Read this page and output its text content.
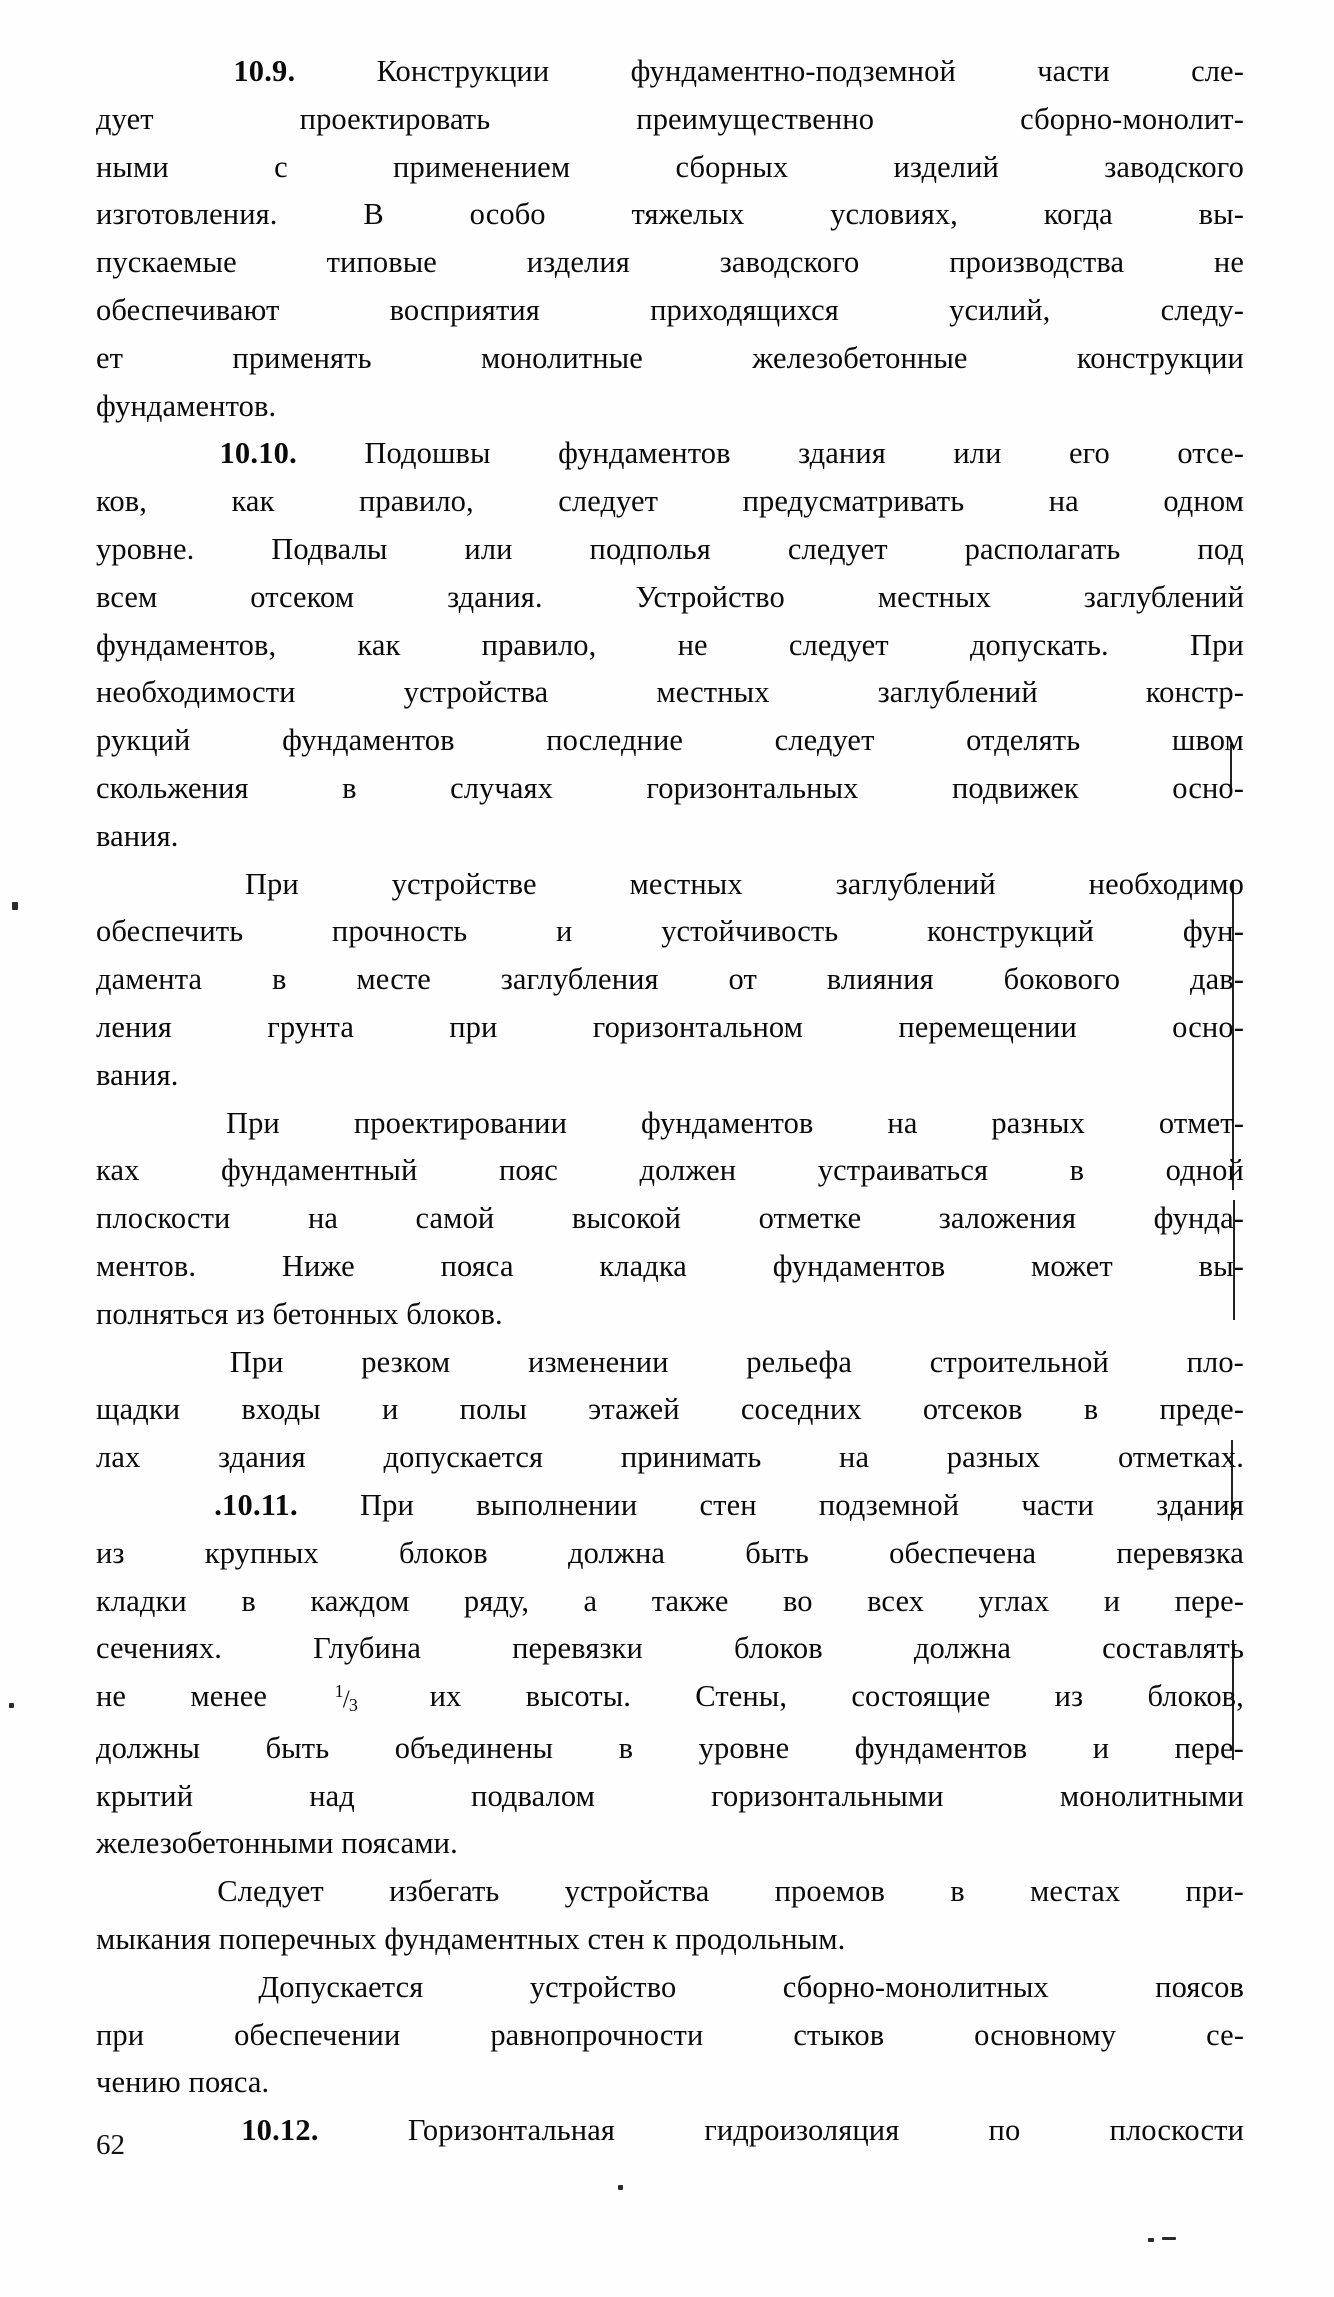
10.9.	Конструкции	фундаментно-подземной	части	сле‑
дует	проектировать	преимущественно	сборно-монолит-
ными	с	применением	сборных	изделий	заводского
изготовления.	В	особо	тяжелых	условиях,	когда	вы-
пускаемые	типовые	изделия	заводского	производства	не
обеспечивают	восприятия	приходящихся	усилий,	следу-
ет	применять	монолитные	железобетонные	конструкции
фундаментов.
10.10. Подошвы фундаментов здания или его отсе‑
ков,	как	правило,	следует	предусматривать	на	одном
уровне.	Подвалы	или	подполья	следует	располагать	под
всем	отсеком	здания.	Устройство	местных	заглублений
фундаментов,	как	правило,	не	следует	допускать.	При
необходимости	устройства	местных	заглублений	констр-
рукций	фундаментов	последние	следует	отделять	швом
скольжения	в	случаях	горизонтальных	подвижек	осно-
вания.
При	устройстве	местных	заглублений	необходимо
обеспечить	прочность	и	устойчивость	конструкций	фун-
дамента в месте заглубления от влияния бокового дав-
ления	грунта	при	горизонтальном	перемещении	осно-
вания.
При проектировании фундаментов на разных отмет-
ках	фундаментный	пояс	должен	устраиваться	в	одной
плоскости	на	самой	высокой	отметке	заложения	фунда-
ментов.	Ниже	пояса	кладка	фундаментов	может	вы-
полняться
из
бетонных
блоков.
При	резком	изменении	рельефа	строительной	пло-
щадки входы и полы этажей соседних отсеков в преде-
лах	здания	допускается	принимать	на	разных	отметках.
.10.11. При выполнении стен подземной части здания
из	крупных	блоков	должна	быть	обеспечена	перевязка
кладки в каждом ряду, а также во всех углах и пере-
сечениях.	Глубина	перевязки	блоков	должна	составлять
не менее	$^1$/3 их высоты. Стены, состоящие из блоков,
должны быть объединены в уровне фундаментов и пере-
крытий	над	подвалом	горизонтальными	монолитными
железобетонными
поясами.
Следует избегать устройства проемов в местах при-
мыкания
поперечных
фундаментных
стен
к
продольным.
Допускается	устройство	сборно-монолитных	поясов
при	обеспечении	равнопрочности	стыков	основному	се-
чению
пояса.
10.12.	Горизонтальная	гидроизоляция	по	плоскости
62
